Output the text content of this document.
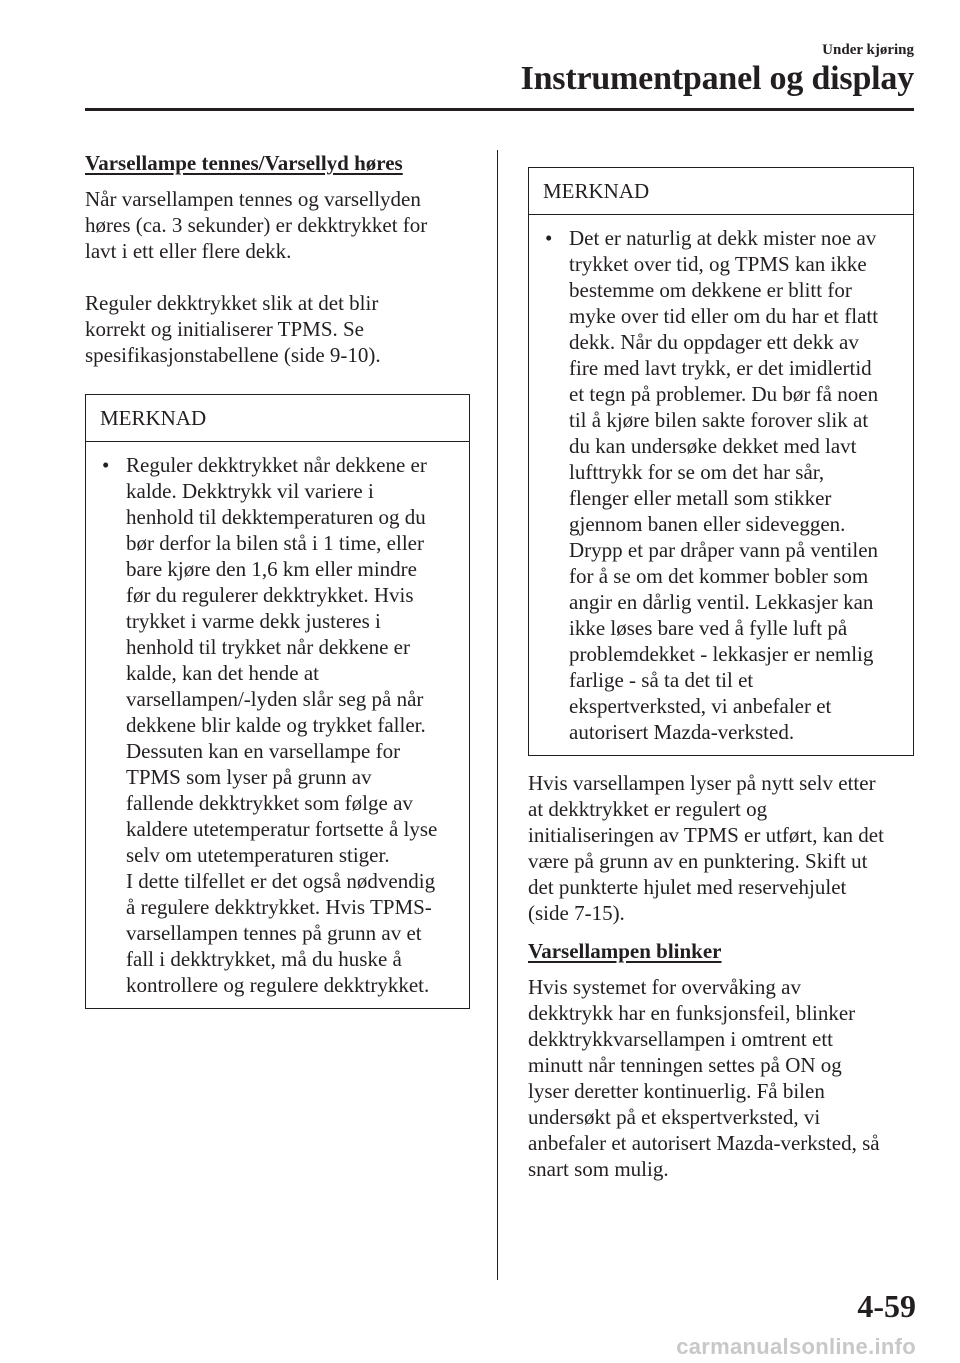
Under kjøring
Instrumentpanel og display
Varsellampe tennes/Varsellyd høres

Når varsellampen tennes og varsellyden

høres (ca. 3 sekunder) er dekktrykket for

lavt i ett eller flere dekk.

Reguler dekktrykket slik at det blir

korrekt og initialiserer TPMS. Se

spesifikasjonstabellene (side 9-10).

MERKNAD
• Reguler dekktrykket når dekkene er
kalde. Dekktrykk vil variere i
henhold til dekktemperaturen og du
bør derfor la bilen stå i 1 time, eller
bare kjøre den 1,6 km eller mindre
før du regulerer dekktrykket. Hvis
trykket i varme dekk justeres i
henhold til trykket når dekkene er
kalde, kan det hende at
varsellampen/-lyden slår seg på når
dekkene blir kalde og trykket faller.
Dessuten kan en varsellampe for
TPMS som lyser på grunn av
fallende dekktrykket som følge av
kaldere utetemperatur fortsette å lyse
selv om utetemperaturen stiger.
I dette tilfellet er det også nødvendig
å regulere dekktrykket. Hvis TPMS-
varsellampen tennes på grunn av et
fall i dekktrykket, må du huske å
kontrollere og regulere dekktrykket.
MERKNAD
• Det er naturlig at dekk mister noe av
trykket over tid, og TPMS kan ikke
bestemme om dekkene er blitt for
myke over tid eller om du har et flatt
dekk. Når du oppdager ett dekk av
fire med lavt trykk, er det imidlertid
et tegn på problemer. Du bør få noen
til å kjøre bilen sakte forover slik at
du kan undersøke dekket med lavt
lufttrykk for se om det har sår,
flenger eller metall som stikker
gjennom banen eller sideveggen.
Drypp et par dråper vann på ventilen
for å se om det kommer bobler som
angir en dårlig ventil. Lekkasjer kan
ikke løses bare ved å fylle luft på
problemdekket - lekkasjer er nemlig
farlige - så ta det til et
ekspertverksted, vi anbefaler et
autorisert Mazda-verksted.

Hvis varsellampen lyser på nytt selv etter

at dekktrykket er regulert og

initialiseringen av TPMS er utført, kan det

være på grunn av en punktering. Skift ut

det punkterte hjulet med reservehjulet

(side 7-15).

Varsellampen blinker

Hvis systemet for overvåking av

dekktrykk har en funksjonsfeil, blinker

dekktrykkvarsellampen i omtrent ett

minutt når tenningen settes på ON og

lyser deretter kontinuerlig. Få bilen

undersøkt på et ekspertverksted, vi

anbefaler et autorisert Mazda-verksted, så

snart som mulig.

4-59
carmanualsonline.info
